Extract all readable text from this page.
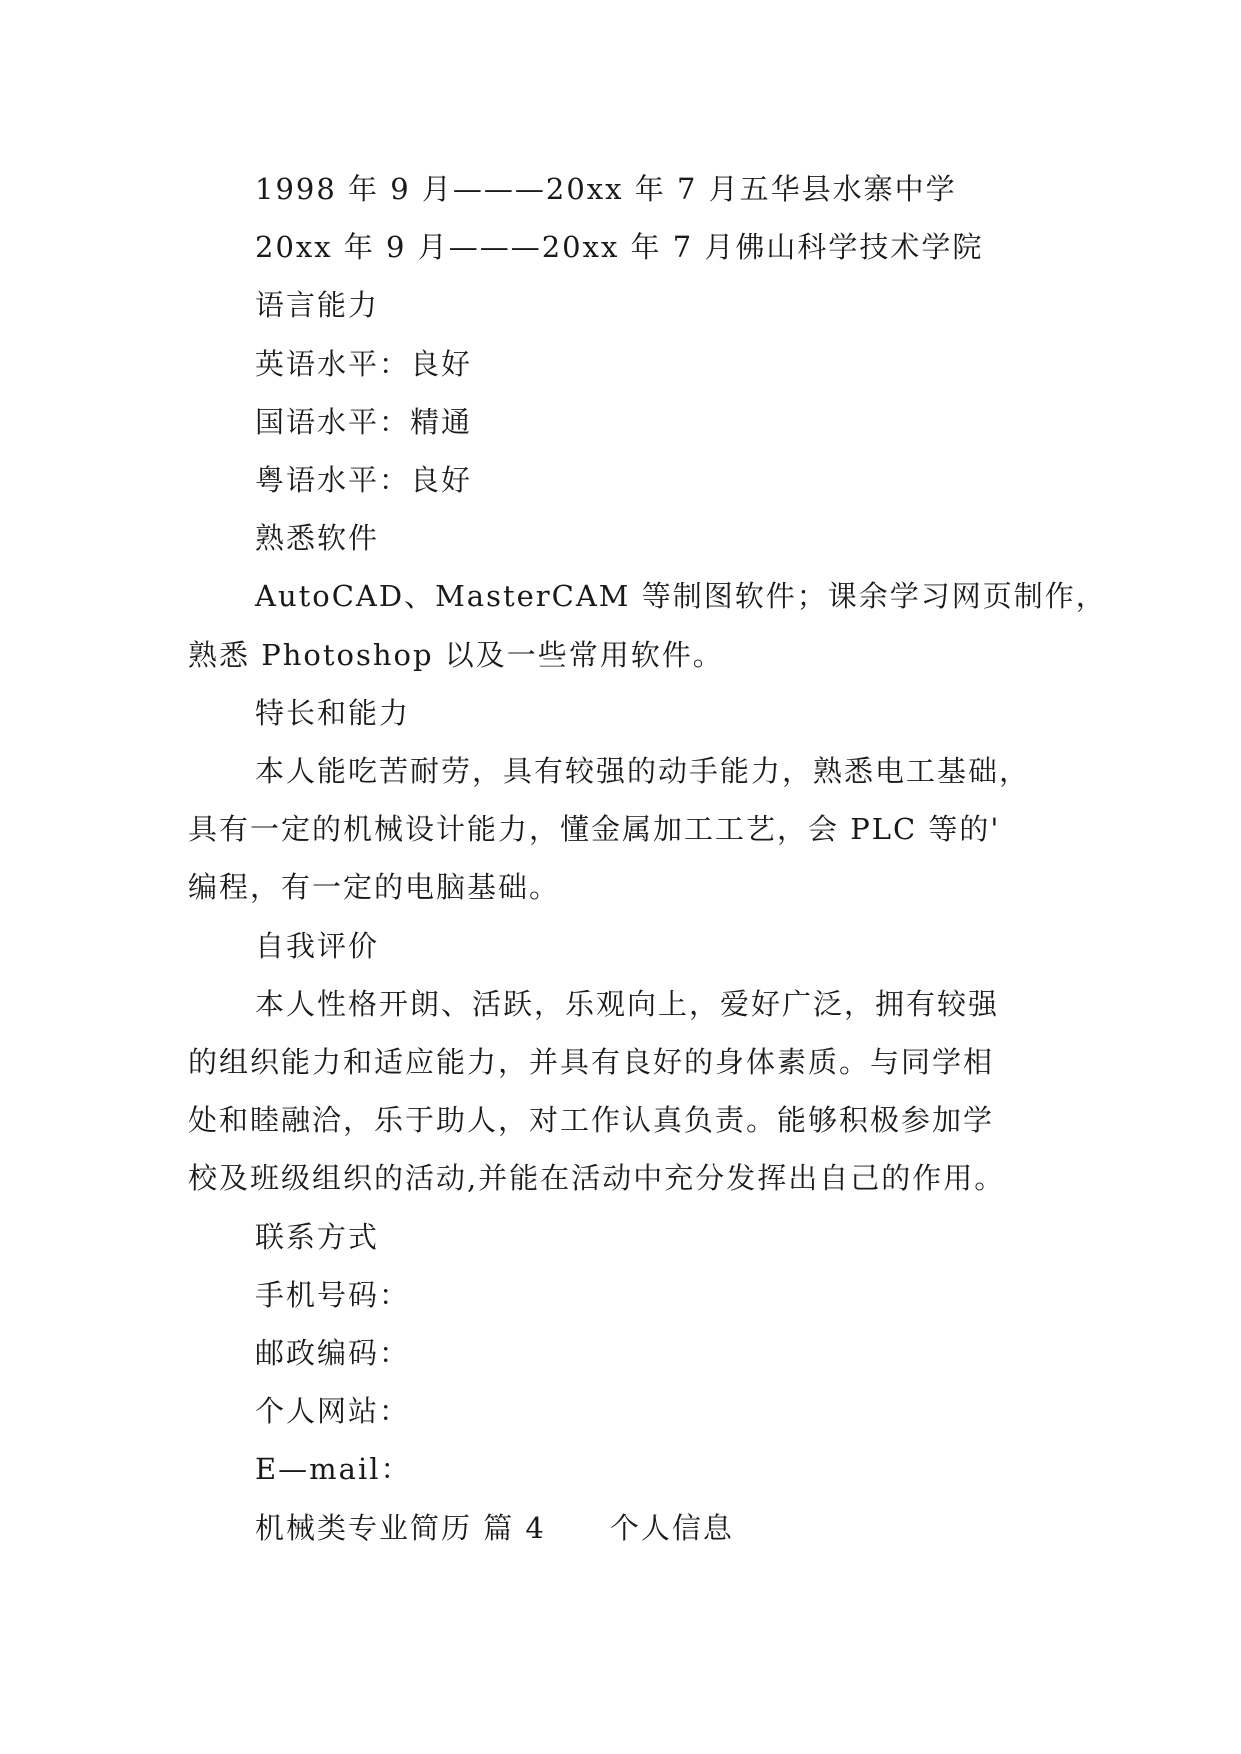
1998 年 9 月———20xx 年 7 月五华县水寨中学

20xx 年 9 月———20xx 年 7 月佛山科学技术学院

语言能力

英语水平：良好

国语水平：精通

粤语水平：良好

熟悉软件

AutoCAD、MasterCAM 等制图软件；课余学习网页制作，

熟悉 Photoshop 以及一些常用软件。

特长和能力

本人能吃苦耐劳，具有较强的动手能力，熟悉电工基础，

具有一定的机械设计能力，懂金属加工工艺，会 PLC 等的'

编程，有一定的电脑基础。

自我评价

本人性格开朗、活跃，乐观向上，爱好广泛，拥有较强

的组织能力和适应能力，并具有良好的身体素质。与同学相

处和睦融洽，乐于助人，对工作认真负责。能够积极参加学

校及班级组织的活动,并能在活动中充分发挥出自己的作用。

联系方式

手机号码：

邮政编码：

个人网站：

E—mail：

机械类专业简历 篇 4 个人信息
